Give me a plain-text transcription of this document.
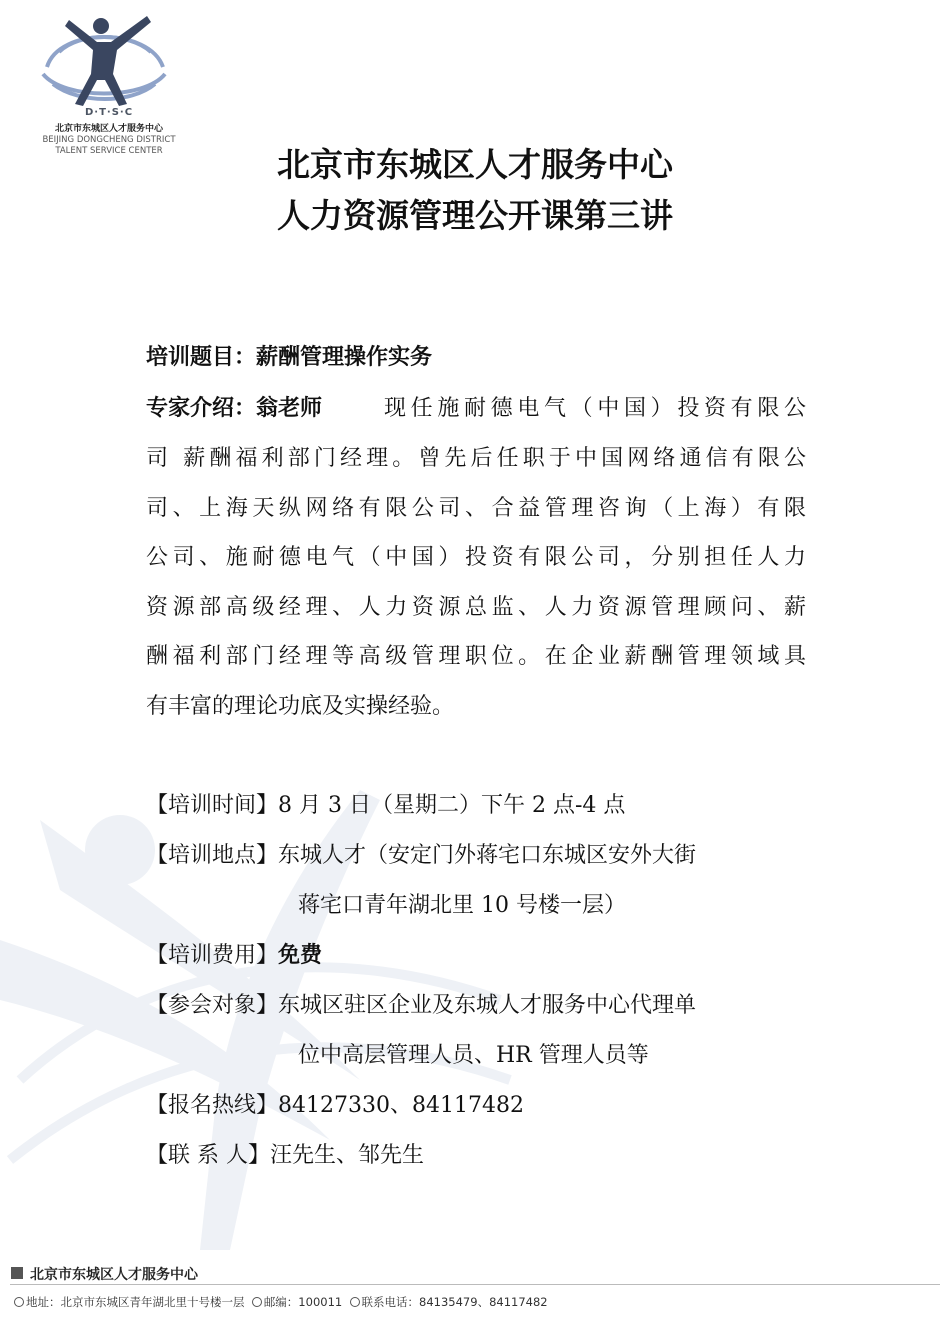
D·T·S·C
北京市东城区人才服务中心
BEIJING DONGCHENG DISTRICT
TALENT SERVICE CENTER	北京市东城区人才服务中心
人力资源管理公开课第三讲
培训题目：薪酬管理操作实务
专家介绍：翁老师	现任施耐德电气（中国）投资有限公
司 薪酬福利部门经理。曾先后任职于中国网络通信有限公
司、上海天纵网络有限公司、合益管理咨询（上海）有限
公司、施耐德电气（中国）投资有限公司，分别担任人力
资源部高级经理、人力资源总监、人力资源管理顾问、薪
酬福利部门经理等高级管理职位。在企业薪酬管理领域具
有丰富的理论功底及实操经验。
【培训时间】8 月 3 日（星期二）下午 2 点-4 点
【培训地点】东城人才（安定门外蒋宅口东城区安外大街
蒋宅口青年湖北里 10 号楼一层）
【培训费用】免费
【参会对象】东城区驻区企业及东城人才服务中心代理单
位中高层管理人员、HR 管理人员等
【报名热线】84127330、84117482
【联 系 人】汪先生、邹先生
北京市东城区人才服务中心
地址：北京市东城区青年湖北里十号楼一层 邮编：100011 联系电话：84135479、84117482
